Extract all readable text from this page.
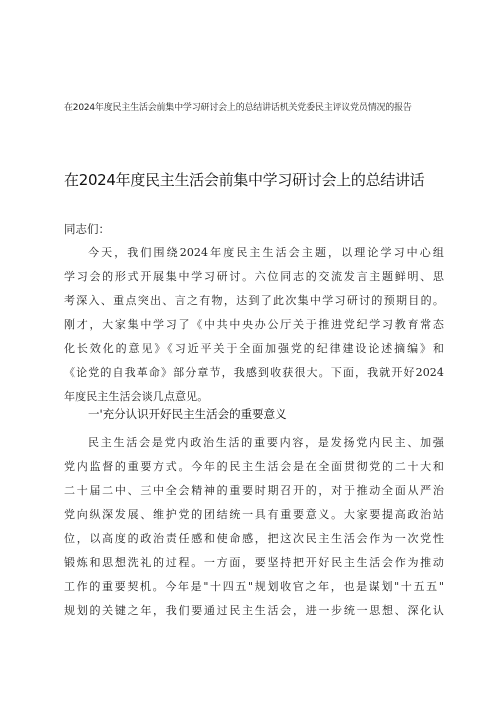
在2024年度民主生活会前集中学习研讨会上的总结讲话机关党委民主评议党员情况的报告
在2024年度民主生活会前集中学习研讨会上的总结讲话
同志们：
今天，我们围绕2024年度民主生活会主题，以理论学习中心组
学习会的形式开展集中学习研讨。六位同志的交流发言主题鲜明、思
考深入、重点突出、言之有物，达到了此次集中学习研讨的预期目的。
刚才，大家集中学习了《中共中央办公厅关于推进党纪学习教育常态
化长效化的意见》《习近平关于全面加强党的纪律建设论述摘编》和
《论党的自我革命》部分章节，我感到收获很大。下面，我就开好2024
年度民主生活会谈几点意见。
一'充分认识开好民主生活会的重要意义
民主生活会是党内政治生活的重要内容，是发扬党内民主、加强
党内监督的重要方式。今年的民主生活会是在全面贯彻党的二十大和
二十届二中、三中全会精神的重要时期召开的，对于推动全面从严治
党向纵深发展、维护党的团结统一具有重要意义。大家要提高政治站
位，以高度的政治责任感和使命感，把这次民主生活会作为一次党性
锻炼和思想洗礼的过程。一方面，要坚持把开好民主生活会作为推动
工作的重要契机。今年是"十四五"规划收官之年，也是谋划"十五五"
规划的关键之年，我们要通过民主生活会，进一步统一思想、深化认
